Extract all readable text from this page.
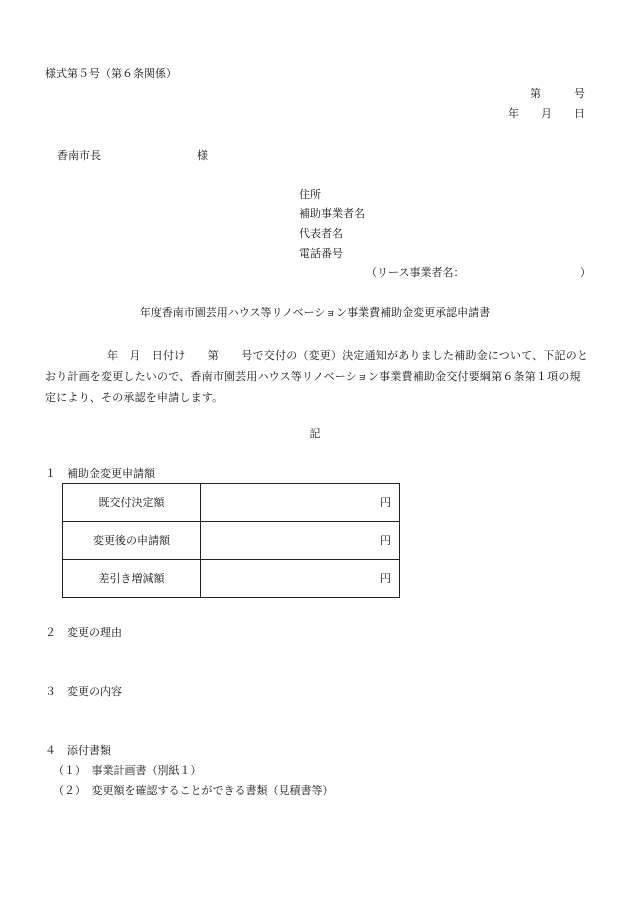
様式第５号（第６条関係）
第　　　号
年　　月　　日
香南市長	様
住所
補助事業者名
代表者名
電話番号
（リース事業者名：　　　　　　　　　　　）
年度香南市園芸用ハウス等リノベーション事業費補助金変更承認申請書
年　月　日付け　　第　　号で交付の（変更）決定通知がありました補助金について、下記のとおり計画を変更したいので、香南市園芸用ハウス等リノベーション事業費補助金交付要綱第６条第１項の規定により、その承認を申請します。
記
１　補助金変更申請額
既交付決定額	円
変更後の申請額	円
差引き増減額	円
２　変更の理由
３　変更の内容
４　添付書類
（１）　事業計画書（別紙１）
（２）　変更額を確認することができる書類（見積書等）
